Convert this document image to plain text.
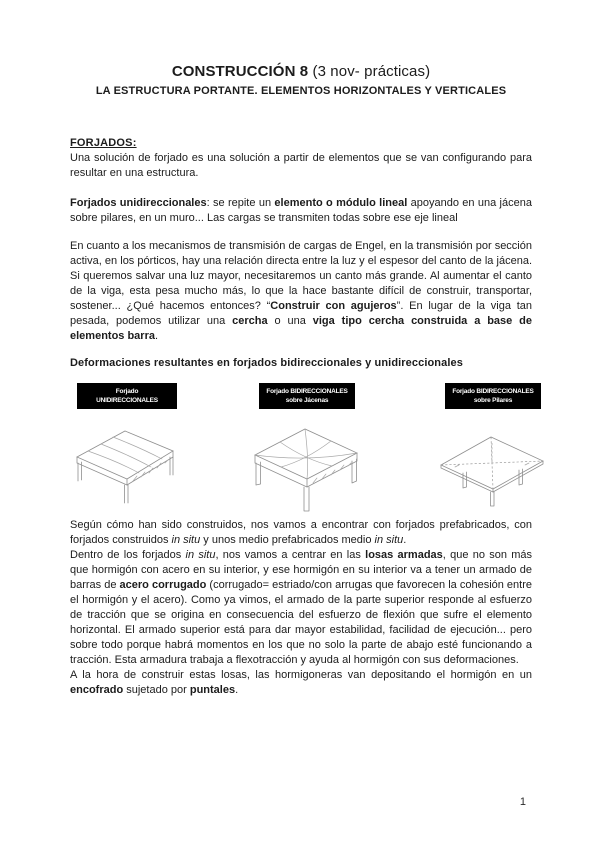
CONSTRUCCIÓN 8 (3 nov- prácticas)
LA ESTRUCTURA PORTANTE. ELEMENTOS HORIZONTALES Y VERTICALES
FORJADOS:
Una solución de forjado es una solución a partir de elementos que se van configurando para resultar en una estructura.
Forjados unidireccionales: se repite un elemento o módulo lineal apoyando en una jácena sobre pilares, en un muro... Las cargas se transmiten todas sobre ese eje lineal
En cuanto a los mecanismos de transmisión de cargas de Engel, en la transmisión por sección activa, en los pórticos, hay una relación directa entre la luz y el espesor del canto de la jácena. Si queremos salvar una luz mayor, necesitaremos un canto más grande. Al aumentar el canto de la viga, esta pesa mucho más, lo que la hace bastante difícil de construir, transportar, sostener... ¿Qué hacemos entonces? “Construir con agujeros”. En lugar de la viga tan pesada, podemos utilizar una cercha o una viga tipo cercha construida a base de elementos barra.
Deformaciones resultantes en forjados bidireccionales y unidireccionales
Forjado
UNIDIRECCIONALES
Forjado BIDIRECCIONALES
sobre Jácenas
Forjado BIDIRECCIONALES
sobre Pilares
Según cómo han sido construidos, nos vamos a encontrar con forjados prefabricados, con forjados construidos in situ y unos medio prefabricados medio in situ.
Dentro de los forjados in situ, nos vamos a centrar en las losas armadas, que no son más que hormigón con acero en su interior, y ese hormigón en su interior va a tener un armado de barras de acero corrugado (corrugado= estriado/con arrugas que favorecen la cohesión entre el hormigón y el acero). Como ya vimos, el armado de la parte superior responde al esfuerzo de tracción que se origina en consecuencia del esfuerzo de flexión que sufre el elemento horizontal. El armado superior está para dar mayor estabilidad, facilidad de ejecución... pero sobre todo porque habrá momentos en los que no solo la parte de abajo esté funcionando a tracción. Esta armadura trabaja a flexotracción y ayuda al hormigón con sus deformaciones.
A la hora de construir estas losas, las hormigoneras van depositando el hormigón en un encofrado sujetado por puntales.
1
